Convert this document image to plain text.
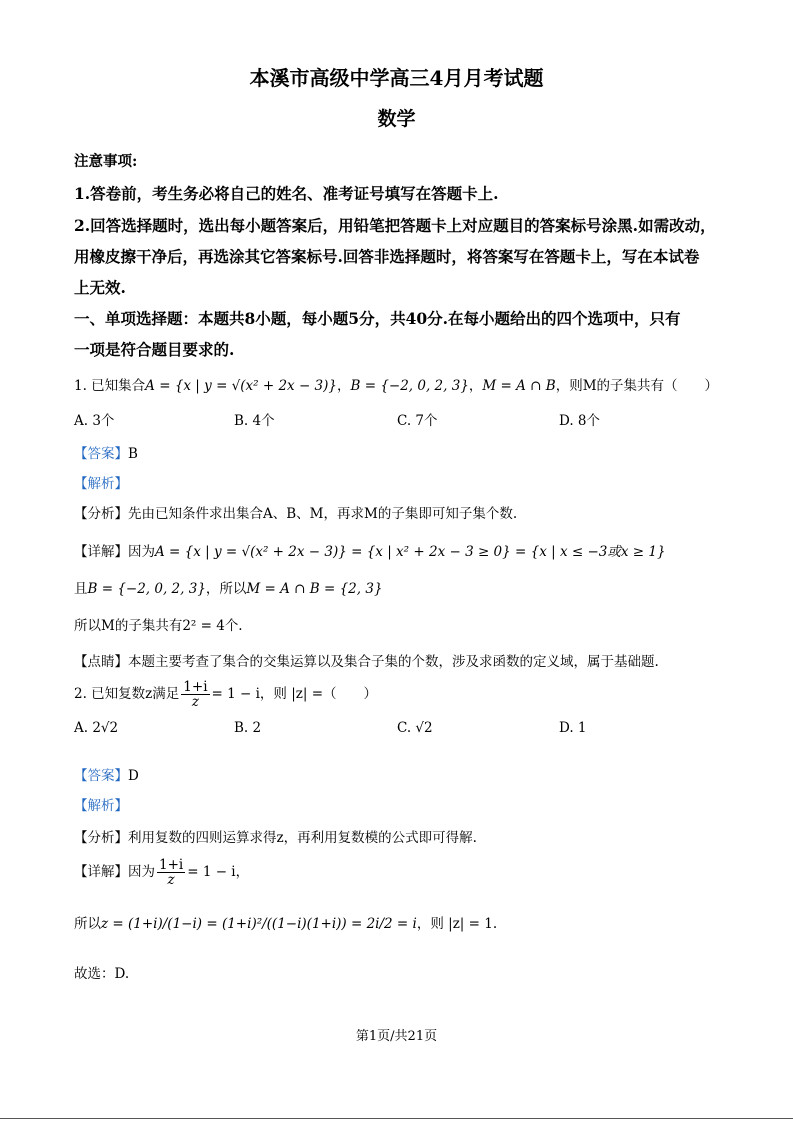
本溪市高级中学高三4月月考试题
数学
注意事项:
1.答卷前，考生务必将自己的姓名、准考证号填写在答题卡上.
2.回答选择题时，选出每小题答案后，用铅笔把答题卡上对应题目的答案标号涂黑.如需改动，
用橡皮擦干净后，再选涂其它答案标号.回答非选择题时，将答案写在答题卡上，写在本试卷
上无效.
一、单项选择题：本题共8小题，每小题5分，共40分.在每小题给出的四个选项中，只有
一项是符合题目要求的.
1. 已知集合A = {x | y = √(x² + 2x − 3)}，B = {−2, 0, 2, 3}，M = A ∩ B，则M的子集共有（　　）
A. 3个	B. 4个	C. 7个	D. 8个
【答案】B
【解析】
【分析】先由已知条件求出集合A、B、M，再求M的子集即可知子集个数.
【详解】因为A = {x | y = √(x² + 2x − 3)} = {x | x² + 2x − 3 ≥ 0} = {x | x ≤ −3或x ≥ 1}
且B = {−2, 0, 2, 3}，所以M = A ∩ B = {2, 3}
所以M的子集共有2² = 4个.
【点睛】本题主要考查了集合的交集运算以及集合子集的个数，涉及求函数的定义域，属于基础题.
2. 已知复数z满足 $\frac{1+i}{z} = 1 - i$，则 |z| =（　　）
A. 2√2	B. 2	C. √2	D. 1
【答案】D
【解析】
【分析】利用复数的四则运算求得z，再利用复数模的公式即可得解.
【详解】因为 $\frac{1+i}{z} = 1 - i$，
所以z = (1+i)/(1−i) = (1+i)²/((1−i)(1+i)) = 2i/2 = i，则 |z| = 1.
故选：D.
第1页/共21页
